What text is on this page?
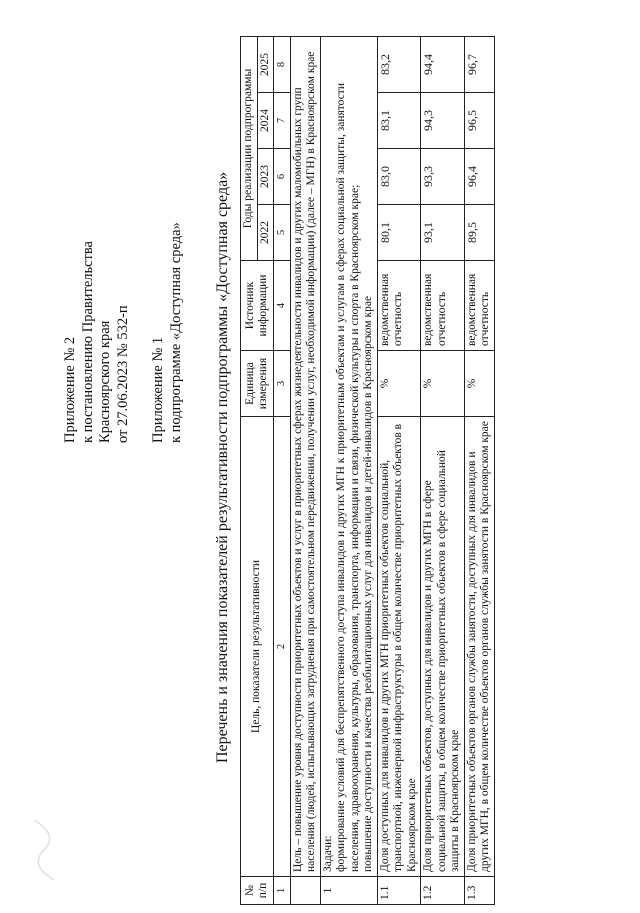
Приложение № 2 к постановлению Правительства Красноярского края от 27.06.2023 № 532-п Приложение № 1 к подпрограмме «Доступная среда» Перечень и значения показателей результативности подпрограммы «Доступная среда»
№ п/п	Цель, показатели результативности	Единица измерения	Источник информации	Годы реализации подпрограммы			
				2022	2023	2024	2025
1	2	3	4	5	6	7	8
	Цель – повышение уровня доступности приоритетных объектов и услуг в приоритетных сферах жизнедеятельности инвалидов и других маломобильных групп населения (людей, испытывающих затруднения при самостоятельном передвижении, получении услуг, необходимой информации) (далее – МГН) в Красноярском крае						
1	Задачи: формирование условий для беспрепятственного доступа инвалидов и других МГН к приоритетным объектам и услугам в сферах социальной защиты, занятости населения, здравоохранения, культуры, образования, транспорта, информации и связи, физической культуры и спорта в Красноярском крае; повышение доступности и качества реабилитационных услуг для инвалидов и детей-инвалидов в Красноярском крае						

1.1	Доля доступных для инвалидов и других МГН приоритетных объектов социальной, транспортной, инженерной инфраструктуры в общем количестве приоритетных объектов в Красноярском крае	%	ведомственная отчетность	80,1	83,0	83,1	83,2
1.2	Доля приоритетных объектов, доступных для инвалидов и других МГН в сфере социальной защиты, в общем количестве приоритетных объектов в сфере социальной защиты в Красноярском крае	%	ведомственная отчетность	93,1	93,3	94,3	94,4
1.3	Доля приоритетных объектов органов службы занятости, доступных для инвалидов и других МГН, в общем количестве объектов органов службы занятости в Красноярском крае	%	ведомственная отчетность	89,5	96,4	96,5	96,7
